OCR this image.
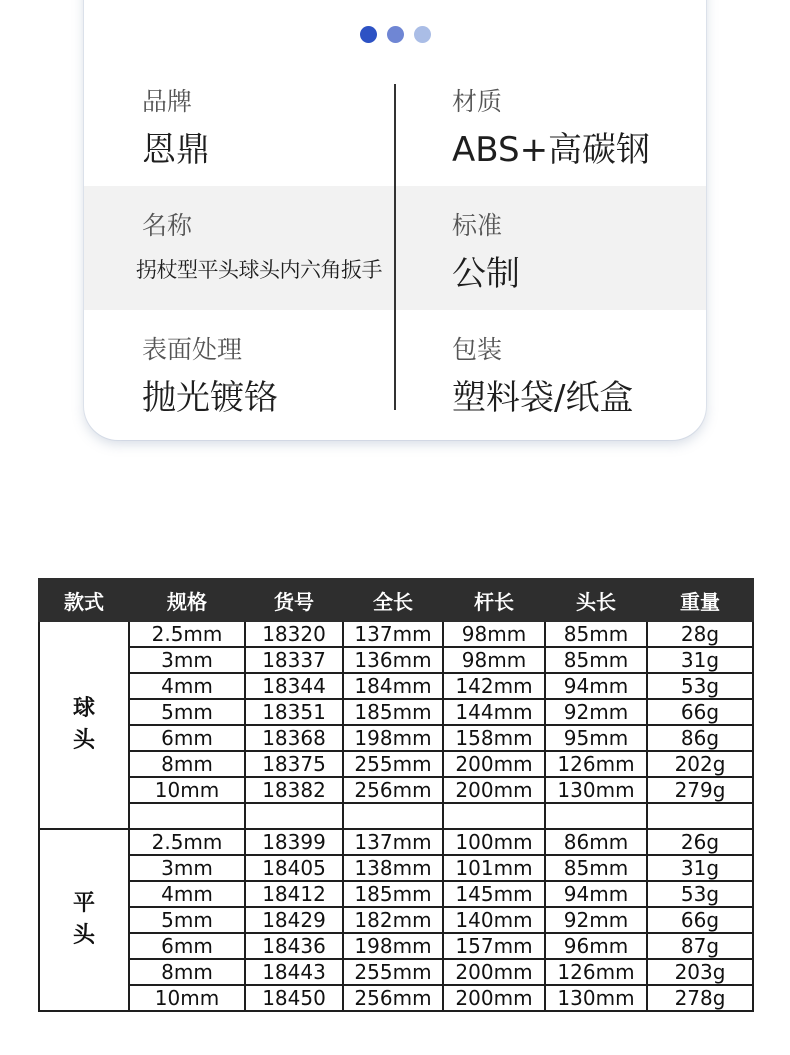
品牌
恩鼎
材质
ABS+高碳钢
名称
拐杖型平头球头内六角扳手
标准
公制
表面处理
抛光镀铬
包装
塑料袋/纸盒
款式	规格	货号	全长	杆长	头长	重量
球
头	2.5mm	18320	137mm	98mm	85mm	28g
	3mm	18337	136mm	98mm	85mm	31g
	4mm	18344	184mm	142mm	94mm	53g
	5mm	18351	185mm	144mm	92mm	66g
	6mm	18368	198mm	158mm	95mm	86g
	8mm	18375	255mm	200mm	126mm	202g
	10mm	18382	256mm	200mm	130mm	279g

平
头	2.5mm	18399	137mm	100mm	86mm	26g
	3mm	18405	138mm	101mm	85mm	31g
	4mm	18412	185mm	145mm	94mm	53g
	5mm	18429	182mm	140mm	92mm	66g
	6mm	18436	198mm	157mm	96mm	87g
	8mm	18443	255mm	200mm	126mm	203g
	10mm	18450	256mm	200mm	130mm	278g
